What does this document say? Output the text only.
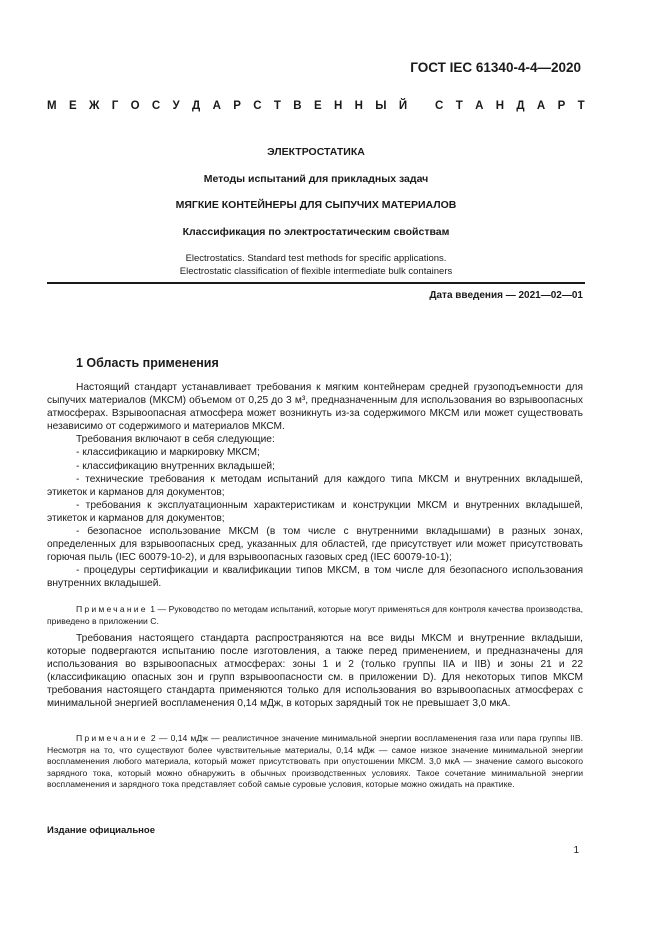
ГОСТ IEC 61340-4-4—2020
М Е Ж Г О С У Д А Р С Т В Е Н Н Ы Й
С Т А Н Д А Р Т
ЭЛЕКТРОСТАТИКА
Методы испытаний для прикладных задач
МЯГКИЕ КОНТЕЙНЕРЫ ДЛЯ СЫПУЧИХ МАТЕРИАЛОВ
Классификация по электростатическим свойствам
Electrostatics. Standard test methods for specific applications.
Electrostatic classification of flexible intermediate bulk containers
Дата введения — 2021—02—01
1 Область применения

Настоящий стандарт устанавливает требования к мягким контейнерам средней грузоподъемности для сыпучих материалов (МКСМ) объемом от 0,25 до 3 м³, предназначенным для использования во взрывоопасных атмосферах. Взрывоопасная атмосфера может возникнуть из-за содержимого МКСМ или может существовать независимо от содержимого и материалов МКСМ.

Требования включают в себя следующие:

- классификацию и маркировку МКСМ;

- классификацию внутренних вкладышей;

- технические требования к методам испытаний для каждого типа МКСМ и внутренних вкладышей, этикеток и карманов для документов;

- требования к эксплуатационным характеристикам и конструкции МКСМ и внутренних вкладышей, этикеток и карманов для документов;

- безопасное использование МКСМ (в том числе с внутренними вкладышами) в разных зонах, определенных для взрывоопасных сред, указанных для областей, где присутствует или может присутствовать горючая пыль (IEC 60079-10-2), и для взрывоопасных газовых сред (IEC 60079-10-1);

- процедуры сертификации и квалификации типов МКСМ, в том числе для безопасного использования внутренних вкладышей.

Примечание 1 — Руководство по методам испытаний, которые могут применяться для контроля качества производства, приведено в приложении C.

Требования настоящего стандарта распространяются на все виды МКСМ и внутренние вкладыши, которые подвергаются испытанию после изготовления, а также перед применением, и предназначены для использования во взрывоопасных атмосферах: зоны 1 и 2 (только группы IIA и IIB) и зоны 21 и 22 (классификацию опасных зон и групп взрывоопасности см. в приложении D). Для некоторых типов МКСМ требования настоящего стандарта применяются только для использования во взрывоопасных атмосферах с минимальной энергией воспламенения 0,14 мДж, в которых зарядный ток не превышает 3,0 мкА.

Примечание 2 — 0,14 мДж — реалистичное значение минимальной энергии воспламенения газа или пара группы IIB. Несмотря на то, что существуют более чувствительные материалы, 0,14 мДж — самое низкое значение минимальной энергии воспламенения любого материала, который может присутствовать при опустошении МКСМ. 3,0 мкА — значение самого высокого зарядного тока, который можно обнаружить в обычных производственных условиях. Такое сочетание минимальной энергии воспламенения и зарядного тока представляет собой самые суровые условия, которые можно ожидать на практике.

Издание официальное
1
